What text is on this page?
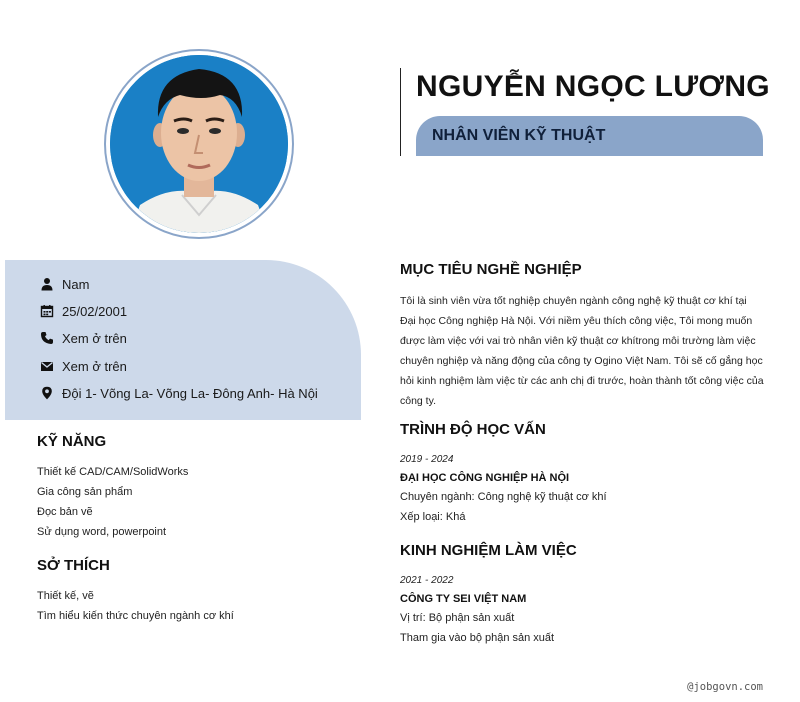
NGUYỄN NGỌC LƯƠNG
NHÂN VIÊN KỸ THUẬT
Nam
25/02/2001
Xem ở trên
Xem ở trên
Đội 1- Võng La- Võng La- Đông Anh- Hà Nội
KỸ NĂNG
Thiết kế CAD/CAM/SolidWorks
Gia công sản phẩm
Đọc bản vẽ
Sử dụng word, powerpoint
SỞ THÍCH
Thiết kế, vẽ
Tìm hiểu kiến thức chuyên ngành cơ khí
MỤC TIÊU NGHỀ NGHIỆP
Tôi là sinh viên vừa tốt nghiệp chuyên ngành công nghệ kỹ thuật cơ khí tại Đại học Công nghiệp Hà Nội. Với niềm yêu thích công việc, Tôi mong muốn được làm việc với vai trò nhân viên kỹ thuật cơ khítrong môi trường làm việc chuyên nghiệp và năng động của công ty Ogino Việt Nam. Tôi sẽ cố gắng học hỏi kinh nghiệm làm việc từ các anh chị đi trước, hoàn thành tốt công việc của công ty.
TRÌNH ĐỘ HỌC VẤN
2019 - 2024
ĐẠI HỌC CÔNG NGHIỆP HÀ NỘI
Chuyên ngành: Công nghệ kỹ thuật cơ khí
Xếp loại: Khá
KINH NGHIỆM LÀM VIỆC
2021 - 2022
CÔNG TY SEI VIỆT NAM
Vị trí: Bộ phận sản xuất
Tham gia vào bộ phận sản xuất
@jobgovn.com
